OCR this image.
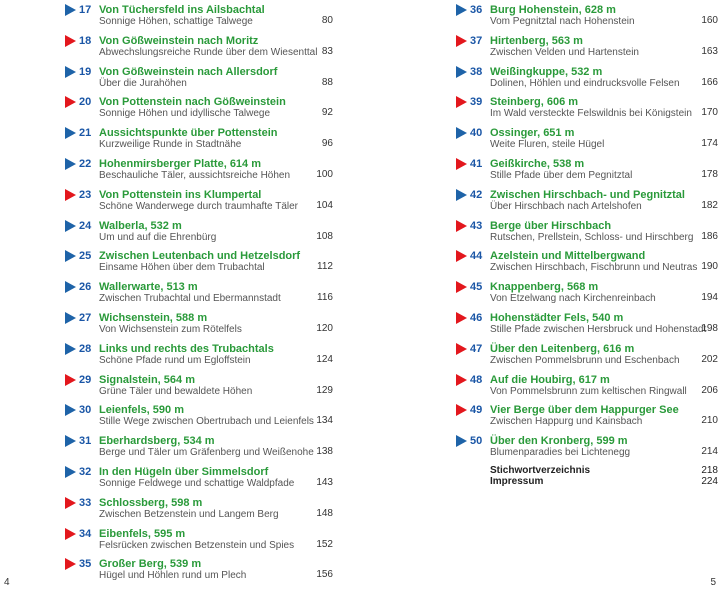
17 Von Tüchersfeld ins Ailsbachtal
Sonnige Höhen, schattige Talwege	80
18 Von Gößweinstein nach Moritz
Abwechslungsreiche Runde über dem Wiesenttal 83
19 Von Gößweinstein nach Allersdorf
Über die Jurahöhen	88
20 Von Pottenstein nach Gößweinstein
Sonnige Höhen und idyllische Talwege	92
21 Aussichtspunkte über Pottenstein
Kurzweilige Runde in Stadtnähe	96
22 Hohenmirsberger Platte, 614 m
Beschauliche Täler, aussichtsreiche Höhen	100
23 Von Pottenstein ins Klumpertal
Schöne Wanderwege durch traumhafte Täler 104
24 Walberla, 532 m
Um und auf die Ehrenbürg	108
25 Zwischen Leutenbach und Hetzelsdorf
Einsame Höhen über dem Trubachtal	112
26 Wallerwarte, 513 m
Zwischen Trubachtal und Ebermannstadt	116
27 Wichsenstein, 588 m
Von Wichsenstein zum Rötelfels	120
28 Links und rechts des Trubachtals
Schöne Pfade rund um Egloffstein	124
29 Signalstein, 564 m
Grüne Täler und bewaldete Höhen	129
30 Leienfels, 590 m
Stille Wege zwischen Obertrubach und Leienfels 134
31 Eberhardsberg, 534 m
Berge und Täler um Gräfenberg und Weißenohe 138
32 In den Hügeln über Simmelsdorf
Sonnige Feldwege und schattige Waldpfade 143
33 Schlossberg, 598 m
Zwischen Betzenstein und Langem Berg	148
34 Eibenfels, 595 m
Felsrücken zwischen Betzenstein und Spies 152
35 Großer Berg, 539 m
Hügel und Höhlen rund um Plech	156
36 Burg Hohenstein, 628 m
Vom Pegnitztal nach Hohenstein	160
37 Hirtenberg, 563 m
Zwischen Velden und Hartenstein	163
38 Weißingkuppe, 532 m
Dolinen, Höhlen und eindrucksvolle Felsen 166
39 Steinberg, 606 m
Im Wald versteckte Felswildnis bei Königstein 170
40 Ossinger, 651 m
Weite Fluren, steile Hügel	174
41 Geißkirche, 538 m
Stille Pfade über dem Pegnitztal	178
42 Zwischen Hirschbach- und Pegnitztal
Über Hirschbach nach Artelshofen	182
43 Berge über Hirschbach
Rutschen, Prellstein, Schloss- und Hirschberg 186
44 Azelstein und Mittelbergwand
Zwischen Hirschbach, Fischbrunn und Neutras 190
45 Knappenberg, 568 m
Von Etzelwang nach Kirchenreinbach	194
46 Hohenstädter Fels, 540 m
Stille Pfade zwischen Hersbruck und Hohenstadt
198
47 Über den Leitenberg, 616 m
Zwischen Pommelsbrunn und Eschenbach 202
48 Auf die Houbirg, 617 m
Von Pommelsbrunn zum keltischen Ringwall 206
49 Vier Berge über dem Happurger See
Zwischen Happurg und Kainsbach	210
50 Über den Kronberg, 599 m
Blumenparadies bei Lichtenegg	214
Stichwortverzeichnis	218
Impressum	224
4	5
